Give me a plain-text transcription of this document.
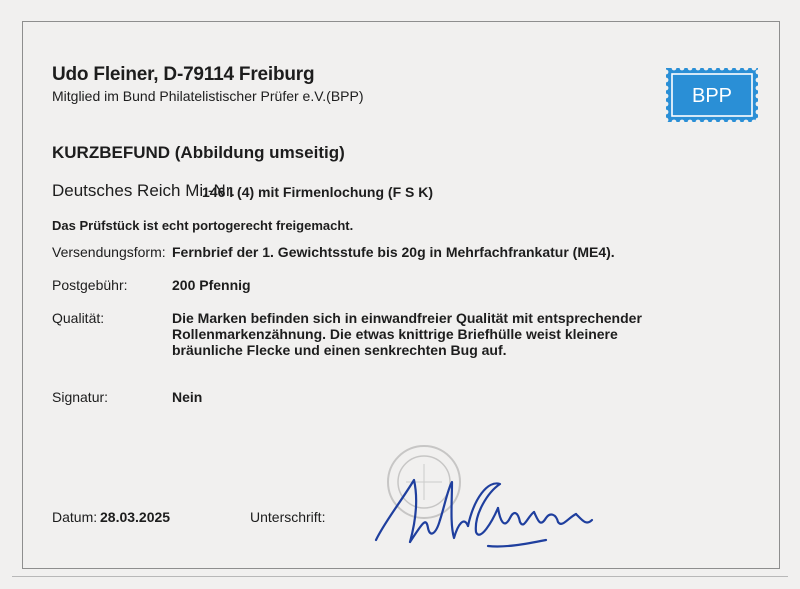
Udo Fleiner, D-79114 Freiburg
Mitglied im Bund Philatelistischer Prüfer e.V.(BPP)	BPP
KURZBEFUND (Abbildung umseitig)
Deutsches Reich Mi.-Nr.
146 I (4) mit Firmenlochung (F S K)
Das Prüfstück ist echt portogerecht freigemacht.
Versendungsform: Fernbrief der 1. Gewichtsstufe bis 20g in Mehrfachfrankatur (ME4).
Postgebühr:	200 Pfennig
Qualität:	Die Marken befinden sich in einwandfreier Qualität mit entsprechender Rollenmarkenzähnung. Die etwas knittrige Briefhülle weist kleinere bräunliche Flecke und einen senkrechten Bug auf.
Signatur:	Nein
Datum: 28.03.2025	Unterschrift:
